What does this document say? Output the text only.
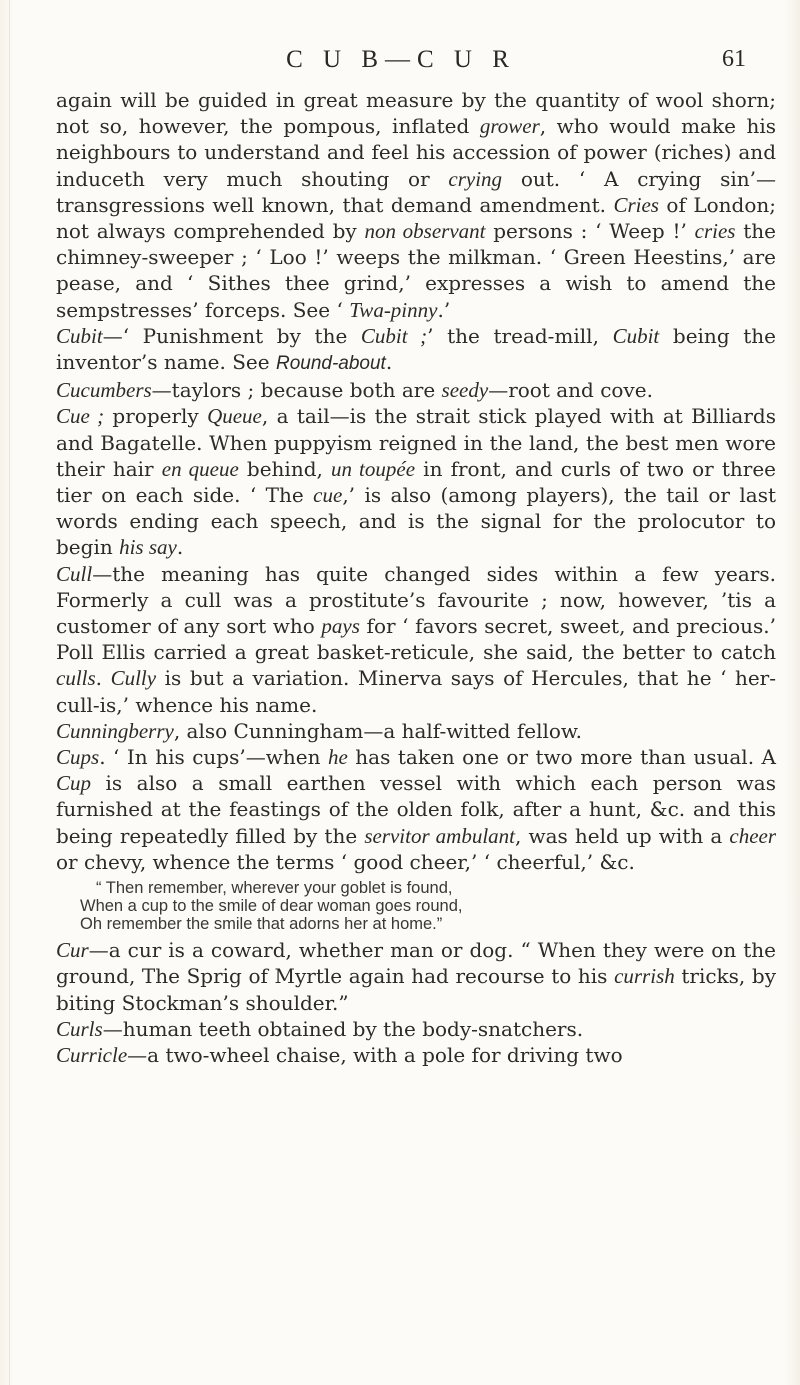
C U B—C U R	61

again will be guided in great measure by the quantity of wool shorn; not so, however, the pompous, inflated grower, who would make his neighbours to understand and feel his accession of power (riches) and induceth very much shouting or crying out. ‘ A crying sin’—transgressions well known, that demand amendment. Cries of London; not always comprehended by non observant persons : ‘ Weep !’ cries the chimney-sweeper ; ‘ Loo !’ weeps the milkman. ‘ Green Heestins,’ are pease, and ‘ Sithes thee grind,’ expresses a wish to amend the sempstresses’ forceps. See ‘ Twa-pinny.’

Cubit—‘ Punishment by the Cubit ;’ the tread-mill, Cubit being the inventor’s name. See Round-about.

Cucumbers—taylors ; because both are seedy—root and cove.

Cue ; properly Queue, a tail—is the strait stick played with at Billiards and Bagatelle. When puppyism reigned in the land, the best men wore their hair en queue behind, un toupée in front, and curls of two or three tier on each side. ‘ The cue,’ is also (among players), the tail or last words ending each speech, and is the signal for the prolocutor to begin his say.

Cull—the meaning has quite changed sides within a few years. Formerly a cull was a prostitute’s favourite ; now, however, ’tis a customer of any sort who pays for ‘ favors secret, sweet, and precious.’ Poll Ellis carried a great basket-reticule, she said, the better to catch culls. Cully is but a variation. Minerva says of Hercules, that he ‘ her-cull-is,’ whence his name.

Cunningberry, also Cunningham—a half-witted fellow.

Cups. ‘ In his cups’—when he has taken one or two more than usual. A Cup is also a small earthen vessel with which each person was furnished at the feastings of the olden folk, after a hunt, &c. and this being repeatedly filled by the servitor ambulant, was held up with a cheer or chevy, whence the terms ‘ good cheer,’ ‘ cheerful,’ &c.

“ Then remember, wherever your goblet is found,
When a cup to the smile of dear woman goes round,
Oh remember the smile that adorns her at home.”

Cur—a cur is a coward, whether man or dog. “ When they were on the ground, The Sprig of Myrtle again had recourse to his currish tricks, by biting Stockman’s shoulder.”

Curls—human teeth obtained by the body-snatchers.

Curricle—a two-wheel chaise, with a pole for driving two
